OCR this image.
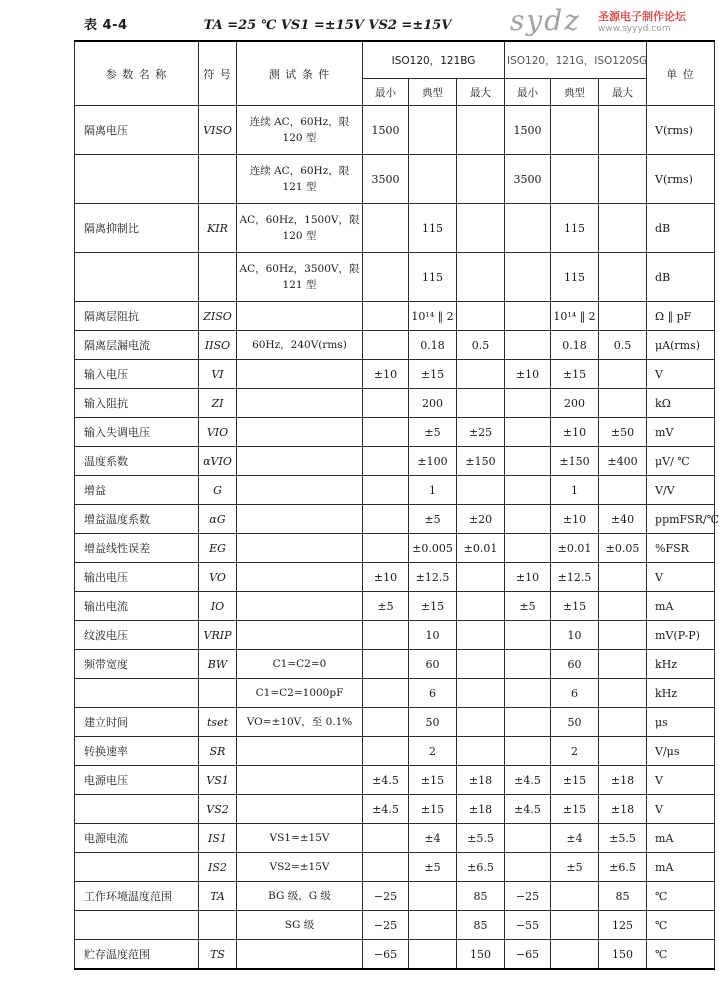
表 4-4	TA =25 ℃ VS1 =±15V VS2 =±15V sydz 圣源电子制作论坛
www.syyyd.com
参 数 名 称	符 号	测 试 条 件	ISO120，121BG			ISO120，121G，ISO120SG			单 位
			最小	典型	最大	最小	典型	最大	
隔离电压	VISO	连续 AC，60Hz，限 120 型	1500			1500			V(rms)
		连续 AC，60Hz，限 121 型	3500			3500			V(rms)
隔离抑制比	KIR	AC，60Hz，1500V，限 120 型		115			115		dB
		AC，60Hz，3500V，限 121 型		115			115		dB
隔离层阻抗	ZISO			10¹⁴ ‖ 2			10¹⁴ ‖ 2		Ω ‖ pF
隔离层漏电流	IISO	60Hz，240V(rms)		0.18	0.5		0.18	0.5	μA(rms)
输入电压	VI		±10	±15		±10	±15		V
输入阻抗	ZI			200			200		kΩ
输入失调电压	VIO			±5	±25		±10	±50	mV
温度系数	αVIO			±100	±150		±150	±400	μV/ ℃
增益	G			1			1		V/V
增益温度系数	αG			±5	±20		±10	±40	ppmFSR/℃
增益线性误差	EG			±0.005	±0.01		±0.01	±0.05	%FSR
输出电压	VO		±10	±12.5		±10	±12.5		V
输出电流	IO		±5	±15		±5	±15		mA
纹波电压	VRIP			10			10		mV(P-P)
频带宽度	BW	C1=C2=0		60			60		kHz
		C1=C2=1000pF		6			6		kHz
建立时间	tset	VO=±10V，至 0.1%		50			50		μs
转换速率	SR			2			2		V/μs
电源电压	VS1		±4.5	±15	±18	±4.5	±15	±18	V
	VS2		±4.5	±15	±18	±4.5	±15	±18	V
电源电流	IS1	VS1=±15V		±4	±5.5		±4	±5.5	mA
	IS2	VS2=±15V		±5	±6.5		±5	±6.5	mA
工作环境温度范围	TA	BG 级，G 级	−25		85	−25		85	℃
		SG 级	−25		85	−55		125	℃
贮存温度范围	TS		−65		150	−65		150	℃
